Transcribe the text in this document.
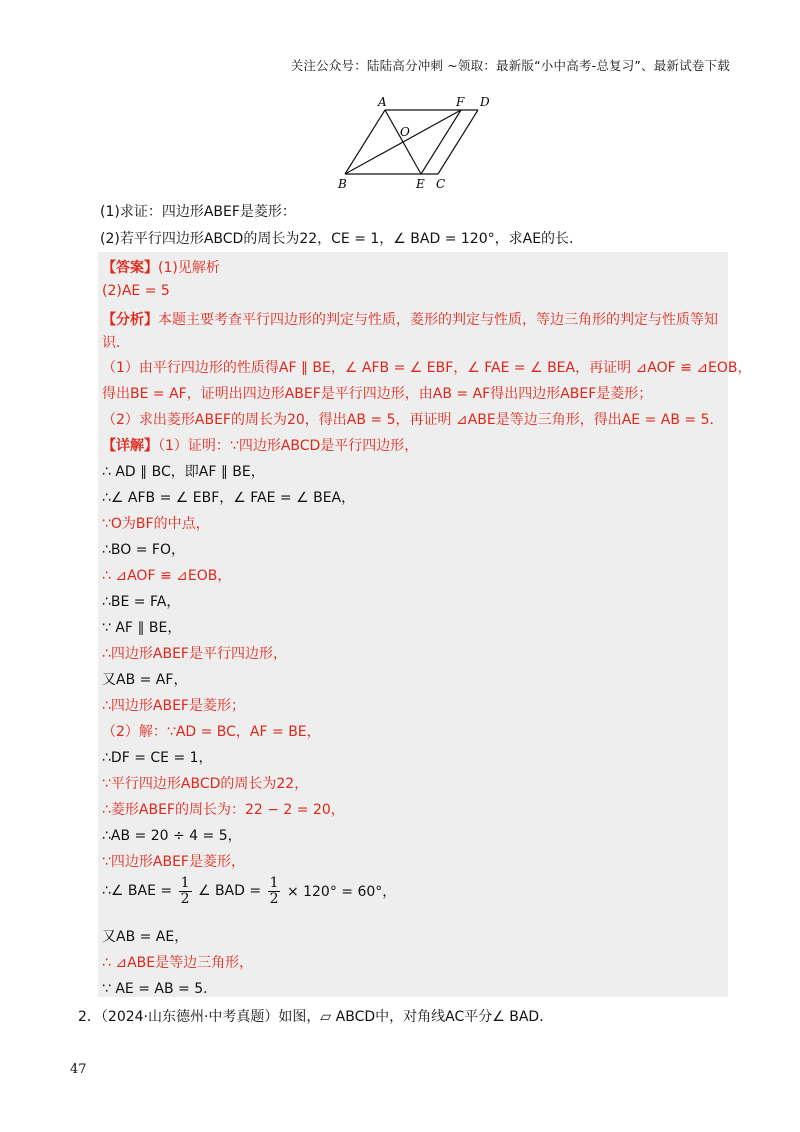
关注公众号：陆陆高分冲刺 ~领取：最新版“小中高考-总复习”、最新试卷下载
A	F D
O
B	E C
(1)求证：四边形ABEF是菱形：
(2)若平行四边形ABCD的周长为22，CE = 1，∠ BAD = 120°，求AE的长.
【答案】(1)见解析
(2)AE = 5
【分析】本题主要考查平行四边形的判定与性质，菱形的判定与性质，等边三角形的判定与性质等知
识．
（1）由平行四边形的性质得AF ∥ BE，∠ AFB = ∠ EBF，∠ FAE = ∠ BEA，再证明 ⊿AOF ≌ ⊿EOB，
得出BE = AF，证明出四边形ABEF是平行四边形，由AB = AF得出四边形ABEF是菱形；
（2）求出菱形ABEF的周长为20，得出AB = 5，再证明 ⊿ABE是等边三角形，得出AE = AB = 5.
【详解】（1）证明：∵四边形ABCD是平行四边形，
∴ AD ∥ BC，即AF ∥ BE，
∴∠ AFB = ∠ EBF，∠ FAE = ∠ BEA，
∵O为BF的中点，
∴BO = FO，
∴ ⊿AOF ≌ ⊿EOB，
∴BE = FA，
∵ AF ∥ BE，
∴四边形ABEF是平行四边形，
又AB = AF，
∴四边形ABEF是菱形；
（2）解：∵AD = BC，AF = BE，
∴DF = CE = 1，
∵平行四边形ABCD的周长为22，
∴菱形ABEF的周长为：22 − 2 = 20，
∴AB = 20 ÷ 4 = 5，
∵四边形ABEF是菱形，
∴∠ BAE = $\frac{1}{2}$ ∠ BAD = $\frac{1}{2} \times 120^\circ = 60^\circ$，
又AB = AE，
∴ ⊿ABE是等边三角形，
∵ AE = AB = 5．
2．（2024·山东德州·中考真题）如图，▱ ABCD中，对角线AC平分∠ BAD．
47
